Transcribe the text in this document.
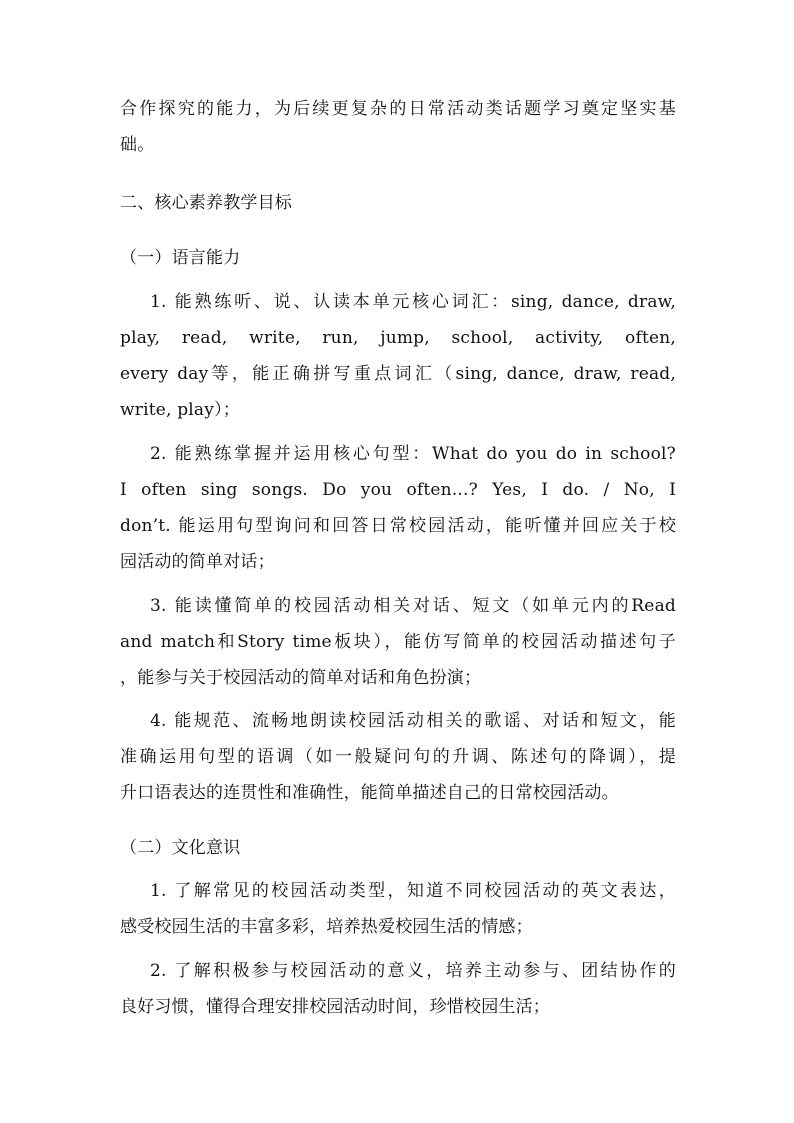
合作探究的能力，为后续更复杂的日常活动类话题学习奠定坚实基
础。
二、核心素养教学目标
（一）语言能力
1. 能熟练听、说、认读本单元核心词汇：sing, dance, draw,
play, read, write, run, jump, school, activity, often,
every day等，能正确拼写重点词汇（sing, dance, draw, read,
write, play）；
2. 能熟练掌握并运用核心句型：What do you do in school?
I often sing songs. Do you often...? Yes, I do. / No, I
don’t. 能运用句型询问和回答日常校园活动，能听懂并回应关于校
园活动的简单对话；
3. 能读懂简单的校园活动相关对话、短文（如单元内的Read
and match和Story time板块），能仿写简单的校园活动描述句子
，能参与关于校园活动的简单对话和角色扮演；
4. 能规范、流畅地朗读校园活动相关的歌谣、对话和短文，能
准确运用句型的语调（如一般疑问句的升调、陈述句的降调），提
升口语表达的连贯性和准确性，能简单描述自己的日常校园活动。
（二）文化意识
1. 了解常见的校园活动类型，知道不同校园活动的英文表达，
感受校园生活的丰富多彩，培养热爱校园生活的情感；
2. 了解积极参与校园活动的意义，培养主动参与、团结协作的
良好习惯，懂得合理安排校园活动时间，珍惜校园生活；
